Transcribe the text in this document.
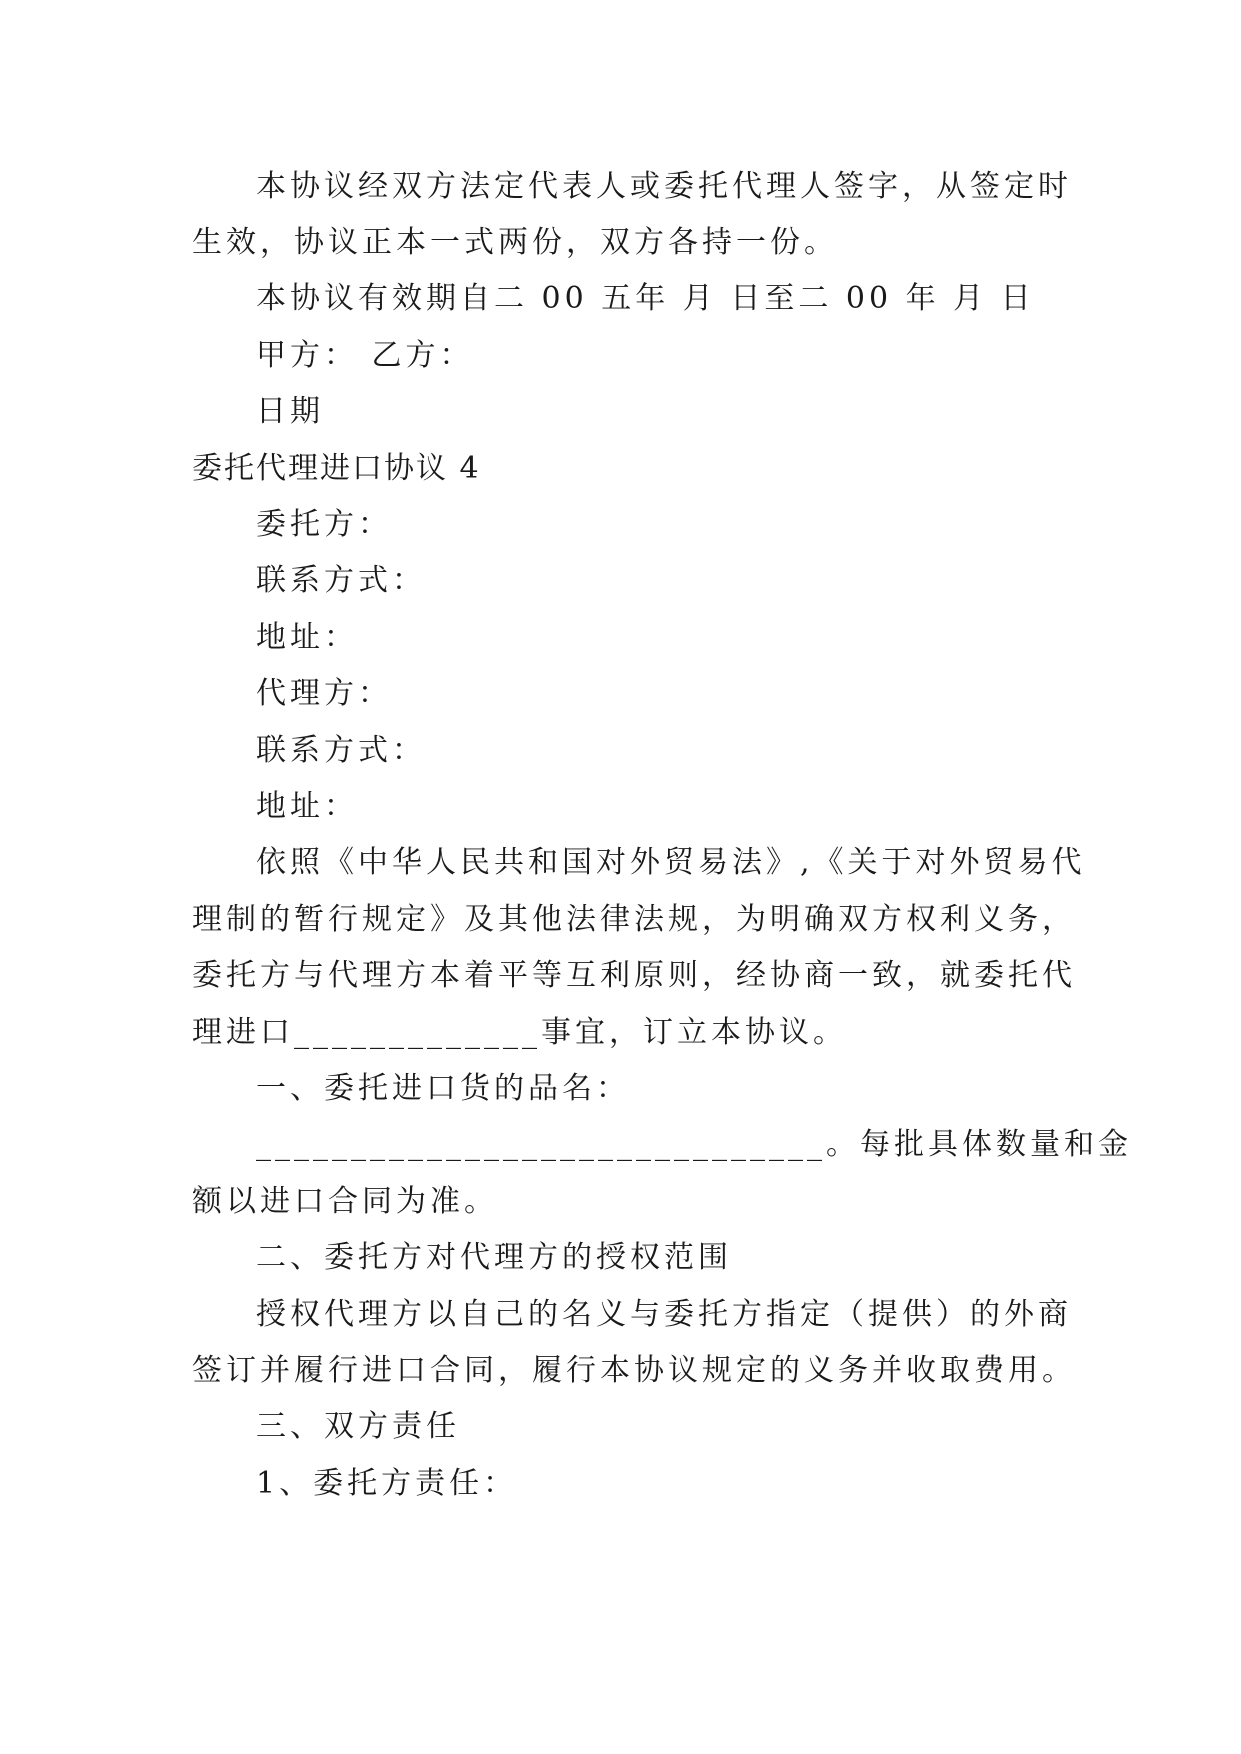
本协议经双方法定代表人或委托代理人签字，从签定时
生效，协议正本一式两份，双方各持一份。
本协议有效期自二 00 五年 月 日至二 00 年 月 日
甲方： 乙方：
日期
委托代理进口协议 4
委托方：
联系方式：
地址：
代理方：
联系方式：
地址：
依照《中华人民共和国对外贸易法》,《关于对外贸易代
理制的暂行规定》及其他法律法规，为明确双方权利义务，
委托方与代理方本着平等互利原则，经协商一致，就委托代
理进口_____________事宜，订立本协议。
一、委托进口货的品名：
______________________________。每批具体数量和金
额以进口合同为准。
二、委托方对代理方的授权范围
授权代理方以自己的名义与委托方指定（提供）的外商
签订并履行进口合同，履行本协议规定的义务并收取费用。
三、双方责任
1、委托方责任：
